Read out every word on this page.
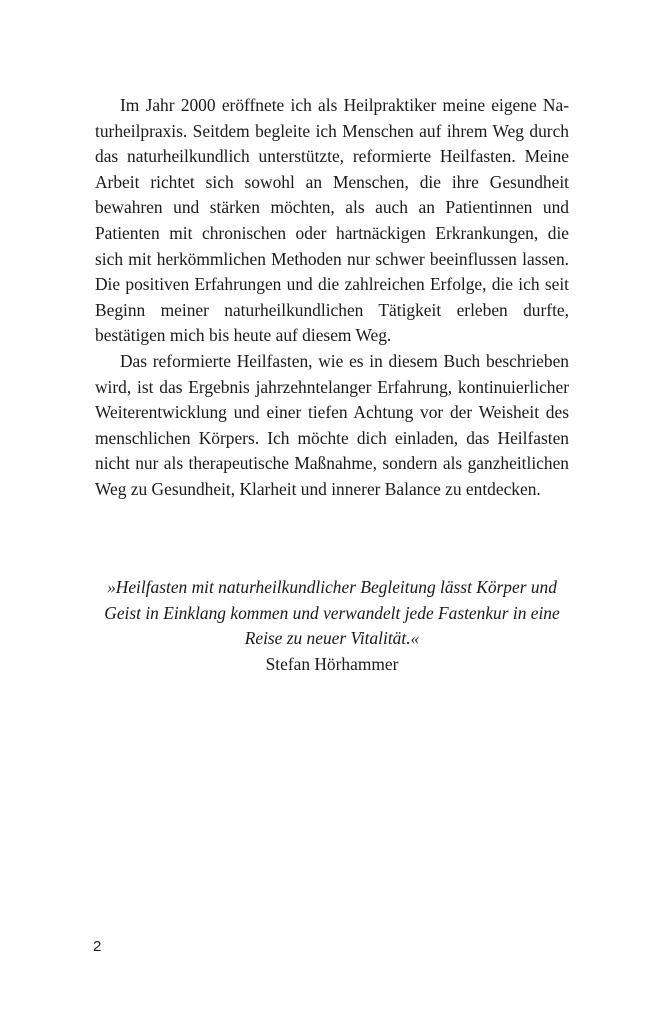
Im Jahr 2000 eröffnete ich als Heilpraktiker meine eigene Naturheilpraxis. Seitdem begleite ich Menschen auf ihrem Weg durch das naturheilkundlich unterstützte, reformierte Heilfasten. Meine Arbeit richtet sich sowohl an Menschen, die ihre Gesundheit bewahren und stärken möchten, als auch an Patientinnen und Patienten mit chronischen oder hartnäckigen Erkrankungen, die sich mit herkömmlichen Methoden nur schwer beeinflussen lassen. Die positiven Erfahrungen und die zahlreichen Erfolge, die ich seit Beginn meiner naturheilkundlichen Tätigkeit erleben durfte, bestätigen mich bis heute auf diesem Weg.

Das reformierte Heilfasten, wie es in diesem Buch beschrieben wird, ist das Ergebnis jahrzehntelanger Erfahrung, kontinuierlicher Weiterentwicklung und einer tiefen Achtung vor der Weisheit des menschlichen Körpers. Ich möchte dich einladen, das Heilfasten nicht nur als therapeutische Maßnahme, sondern als ganzheitlichen Weg zu Gesundheit, Klarheit und innerer Balance zu entdecken.

»Heilfasten mit naturheilkundlicher Begleitung lässt Körper und Geist in Einklang kommen und verwandelt jede Fastenkur in eine Reise zu neuer Vitalität.«

Stefan Hörhammer

2
